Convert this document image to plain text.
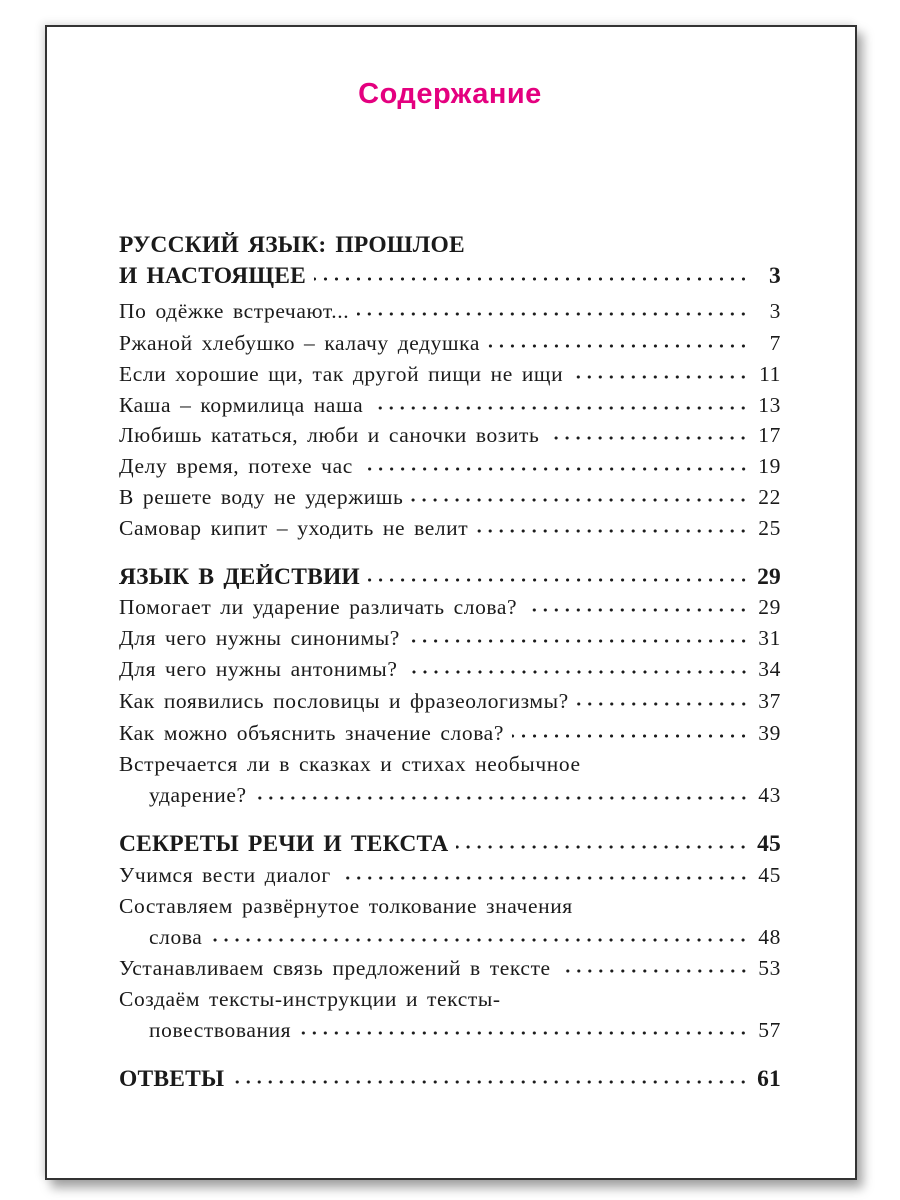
Содержание
РУССКИЙ ЯЗЫК: ПРОШЛОЕ
И НАСТОЯЩЕЕ	3
По одёжке встречают...	3
Ржаной хлебушко – калачу дедушка	7
Если хорошие щи, так другой пищи не ищи	11
Каша – кормилица наша	13
Любишь кататься, люби и саночки возить	17
Делу время, потехе час	19
В решете воду не удержишь	22
Самовар кипит – уходить не велит	25
ЯЗЫК В ДЕЙСТВИИ	29
Помогает ли ударение различать слова?	29
Для чего нужны синонимы?	31
Для чего нужны антонимы?	34
Как появились пословицы и фразеологизмы?	37
Как можно объяснить значение слова?	39
Встречается ли в сказках и стихах необычное
ударение?	43
СЕКРЕТЫ РЕЧИ И ТЕКСТА	45
Учимся вести диалог	45
Составляем развёрнутое толкование значения
слова	48
Устанавливаем связь предложений в тексте	53
Создаём тексты-инструкции и тексты-
повествования	57
ОТВЕТЫ	61
